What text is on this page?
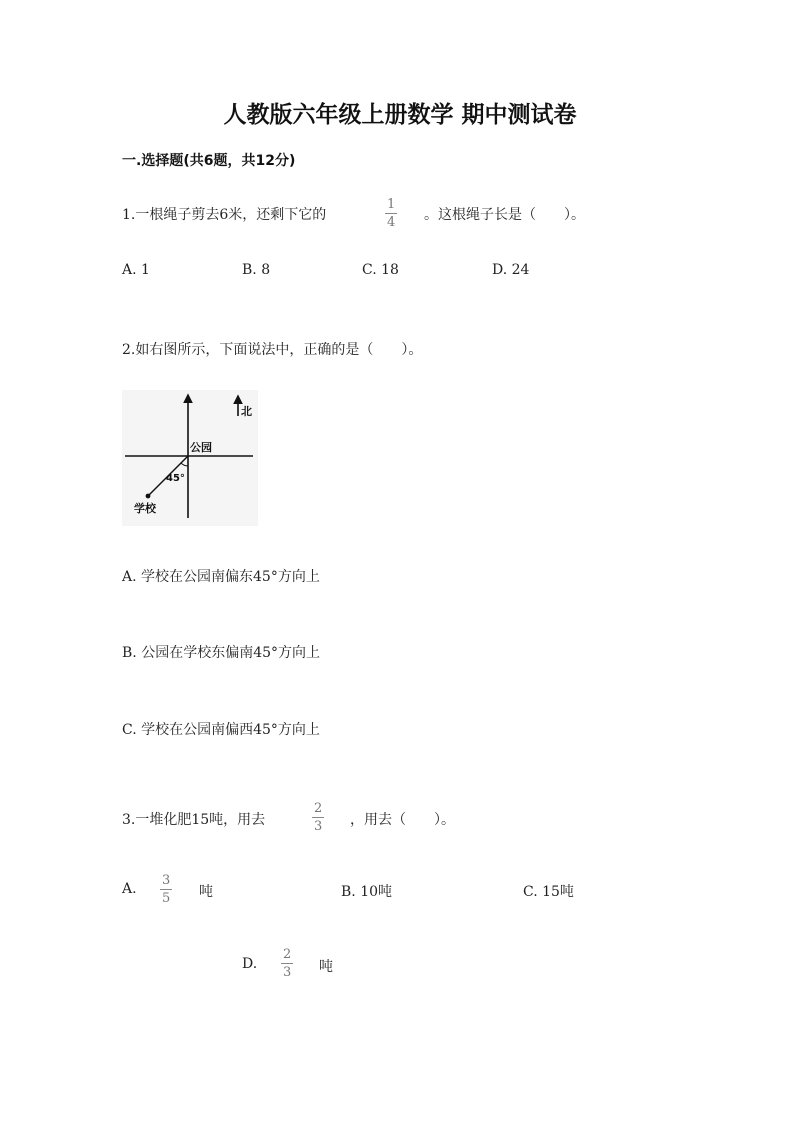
人教版六年级上册数学 期中测试卷
一.选择题(共6题，共12分)
1.一根绳子剪去6米，还剩下它的
1
4 。这根绳子长是（　　）。
A. 1	B. 8	C. 18	D. 24
2.如右图所示，下面说法中，正确的是（　　）。
北
公园
45°
学校
A. 学校在公园南偏东45°方向上
B. 公园在学校东偏南45°方向上
C. 学校在公园南偏西45°方向上
3.一堆化肥15吨，用去
2
3 ，用去（　　）。
A.
3
5 吨	B. 10吨	C. 15吨
D.
2
3 吨
